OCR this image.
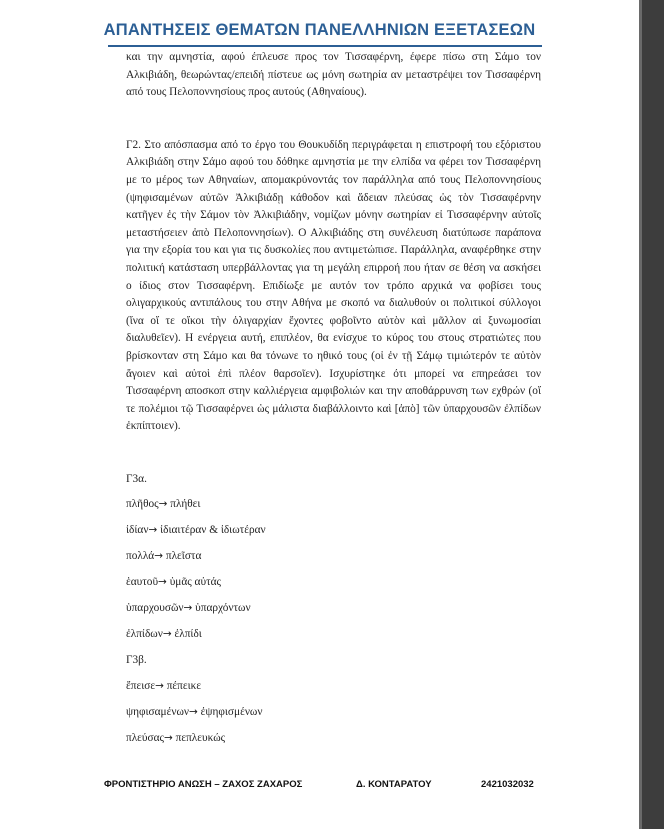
ΑΠΑΝΤΗΣΕΙΣ ΘΕΜΑΤΩΝ ΠΑΝΕΛΛΗΝΙΩΝ ΕΞΕΤΑΣΕΩΝ

και την αμνηστία, αφού έπλευσε προς τον Τισσαφέρνη, έφερε πίσω στη Σάμο τον Αλκιβιάδη, θεωρώντας/επειδή πίστευε ως μόνη σωτηρία αν μεταστρέψει τον Τισσαφέρνη από τους Πελοποννησίους προς αυτούς (Αθηναίους).

Γ2. Στο απόσπασμα από το έργο του Θουκυδίδη περιγράφεται η επιστροφή του εξόριστου Αλκιβιάδη στην Σάμο αφού του δόθηκε αμνηστία με την ελπίδα να φέρει τον Τισσαφέρνη με το μέρος των Αθηναίων, απομακρύνοντάς τον παράλληλα από τους Πελοποννησίους (ψηφισαμένων αὐτῶν Ἀλκιβιάδῃ κάθοδον καὶ ἄδειαν πλεύσας ὡς τὸν Τισσαφέρνην κατῆγεν ἐς τὴν Σάμον τὸν Ἀλκιβιάδην, νομίζων μόνην σωτηρίαν εἰ Τισσαφέρνην αὐτοῖς μεταστήσειεν ἀπὸ Πελοποννησίων). Ο Αλκιβιάδης στη συνέλευση διατύπωσε παράπονα για την εξορία του και για τις δυσκολίες που αντιμετώπισε. Παράλληλα, αναφέρθηκε στην πολιτική κατάσταση υπερβάλλοντας για τη μεγάλη επιρροή που ήταν σε θέση να ασκήσει ο ίδιος στον Τισσαφέρνη. Επιδίωξε με αυτόν τον τρόπο αρχικά να φοβίσει τους ολιγαρχικούς αντιπάλους του στην Αθήνα με σκοπό να διαλυθούν οι πολιτικοί σύλλογοι (ἵνα οἵ τε οἴκοι τὴν ὀλιγαρχίαν ἔχοντες φοβοῖντο αὐτὸν καὶ μᾶλλον αἱ ξυνωμοσίαι διαλυθεῖεν). Η ενέργεια αυτή, επιπλέον, θα ενίσχυε το κύρος του στους στρατιώτες που βρίσκονταν στη Σάμο και θα τόνωνε το ηθικό τους (οἱ ἐν τῇ Σάμῳ τιμιώτερόν τε αὐτὸν ἄγοιεν καὶ αὐτοὶ ἐπὶ πλέον θαρσοῖεν). Ισχυρίστηκε ότι μπορεί να επηρεάσει τον Τισσαφέρνη αποσκοπ στην καλλιέργεια αμφιβολιών και την αποθάρρυνση των εχθρών (οἵ τε πολέμιοι τῷ Τισσαφέρνει ὡς μάλιστα διαβάλλοιντο καὶ [ἀπὸ] τῶν ὑπαρχουσῶν ἐλπίδων ἐκπίπτοιεν).

Γ3α.

πλῆθος→ πλήθει

ἰδίαν→ ἰδιαιτέραν & ἰδιωτέραν

πολλά→ πλεῖστα

ἑαυτοῦ→ ὑμᾶς αὐτάς

ὑπαρχουσῶν→ ὑπαρχόντων

ἐλπίδων→ ἐλπίδι

Γ3β.

ἔπεισε→ πέπεικε

ψηφισαμένων→ ἐψηφισμένων

πλεύσας→ πεπλευκώς

ΦΡΟΝΤΙΣΤΗΡΙΟ ΑΝΩΣΗ – ΖΑΧΟΣ ΖΑΧΑΡΟΣ	Δ. ΚΟΝΤΑΡΑΤΟΥ	2421032032
